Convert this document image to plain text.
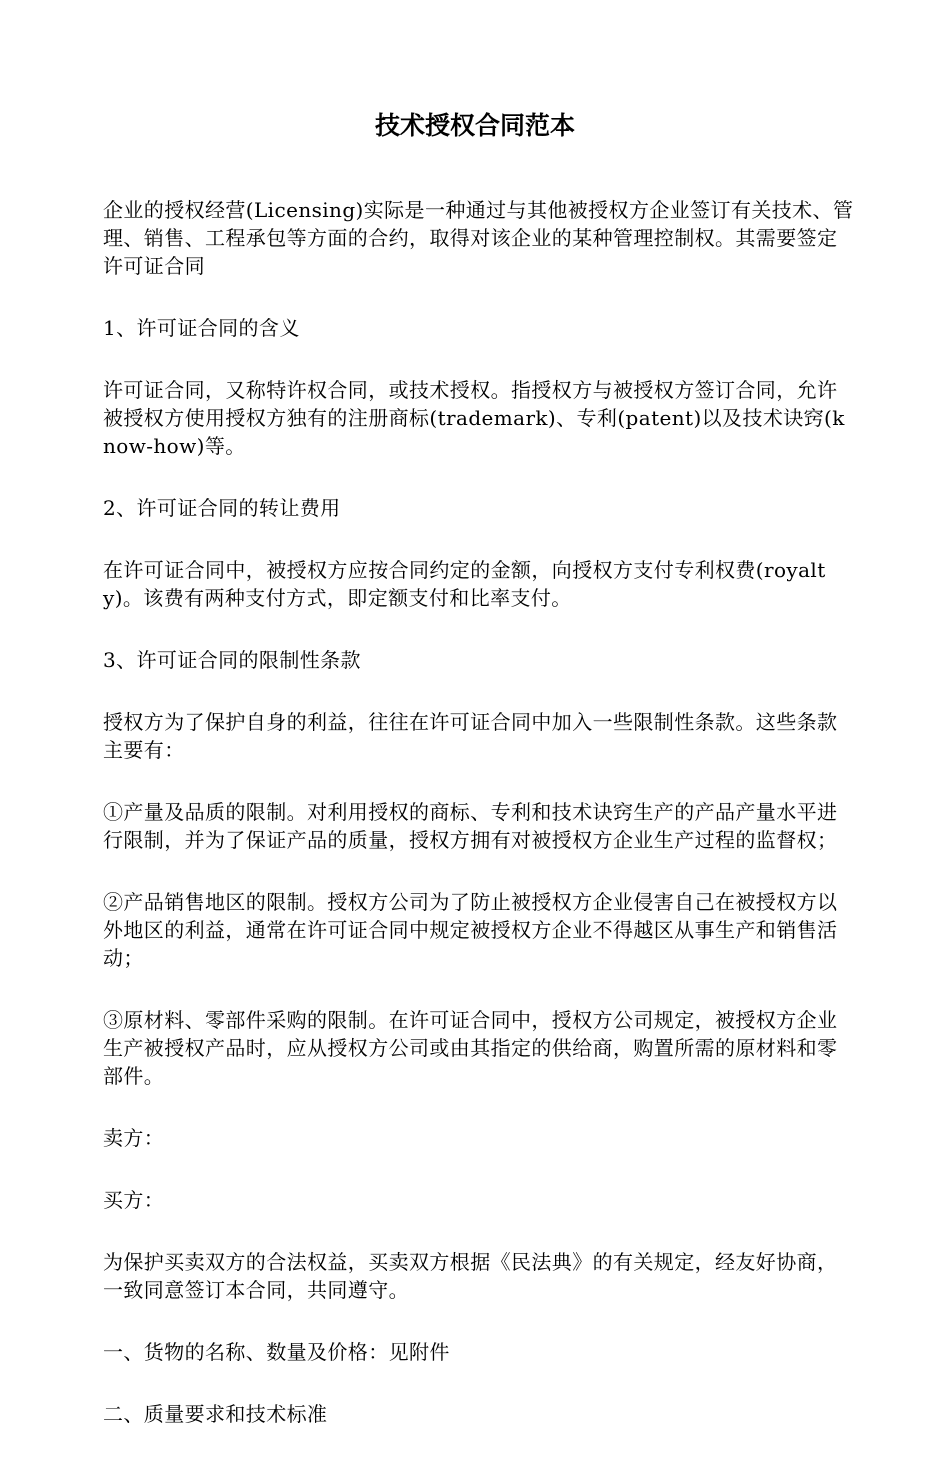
技术授权合同范本

企业的授权经营(Licensing)实际是一种通过与其他被授权方企业签订有关技术、管理、销售、工程承包等方面的合约，取得对该企业的某种管理控制权。其需要签定许可证合同

1、许可证合同的含义

许可证合同，又称特许权合同，或技术授权。指授权方与被授权方签订合同，允许被授权方使用授权方独有的注册商标(trademark)、专利(patent)以及技术诀窍(know-how)等。

2、许可证合同的转让费用

在许可证合同中，被授权方应按合同约定的金额，向授权方支付专利权费(royalty)。该费有两种支付方式，即定额支付和比率支付。

3、许可证合同的限制性条款

授权方为了保护自身的利益，往往在许可证合同中加入一些限制性条款。这些条款主要有：

①产量及品质的限制。对利用授权的商标、专利和技术诀窍生产的产品产量水平进行限制，并为了保证产品的质量，授权方拥有对被授权方企业生产过程的监督权；

②产品销售地区的限制。授权方公司为了防止被授权方企业侵害自己在被授权方以外地区的利益，通常在许可证合同中规定被授权方企业不得越区从事生产和销售活动；

③原材料、零部件采购的限制。在许可证合同中，授权方公司规定，被授权方企业生产被授权产品时，应从授权方公司或由其指定的供给商，购置所需的原材料和零部件。

卖方：

买方：

为保护买卖双方的合法权益，买卖双方根据《民法典》的有关规定，经友好协商，一致同意签订本合同，共同遵守。

一、货物的名称、数量及价格：见附件

二、质量要求和技术标准
